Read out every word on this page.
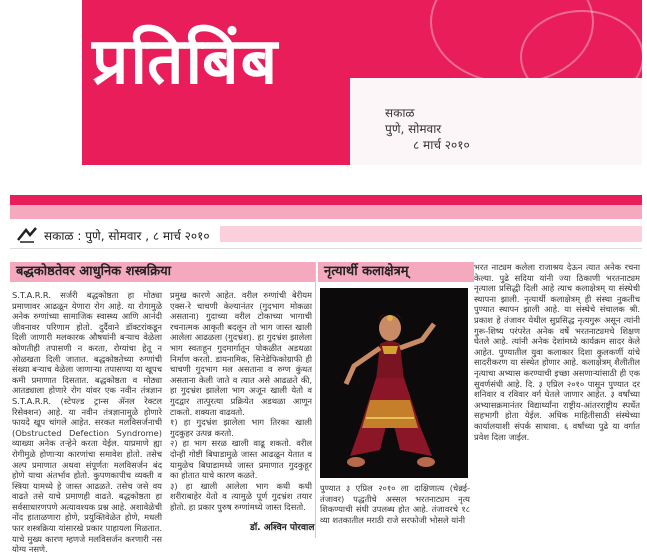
प्रतिबिंब
सकाळ
पुणे, सोमवार
८ मार्च २०१०
सकाळ : पुणे, सोमवार , ८ मार्च २०१०
बद्धकोष्ठतेवर आधुनिक शस्त्रक्रिया

S.T.A.R.R. सर्जरी बद्धकोष्ठता हा मोठ्या प्रमाणावर आढळून येणारा रोग आहे. या रोगामुळे अनेक रुग्णांच्या सामाजिक स्वास्थ्य आणि आनंदी जीवनावर परिणाम होतो. दुर्दैवाने डॉक्टरांकडून दिली जाणारी मलकारक औषधांनी बऱ्याच वेळेला कोणतीही तपासणी न करता, रोग्यांचा हेतू न ओळखता दिली जातात. बद्धकोष्ठतेच्या रुग्णांची संख्या बऱ्याच वेळेला जाणाऱ्या तपासण्या या खूपच कमी प्रमाणात दिसतात. बद्धकोष्ठता व मोठ्या आतड्याला होणारे रोग यांवर एक नवीन तंत्रज्ञान S.T.A.R.R. (स्टेपल्ड ट्रान्स ॲनल रेक्टल रिसेक्शन) आहे. या नवीन तंत्रज्ञानामुळे होणारे फायदे खूप चांगले आहेत. सरकत मलविसर्जनाची (Obstructed Defection Syndrome) व्याख्या अनेक तऱ्हेने करता येईल. याप्रमाणे ह्या रोगीमुळे होणाऱ्या कारणांचा समावेश होतो. तसेच अल्प प्रमाणात अथवा संपूर्णतः मलविसर्जन बंद होणे याचा अंतर्भाव होतो. कुपणकापीच व्यक्ती व स्त्रिया यामध्ये हे जास्त आढळते. तसेच जसे वय वाढते तसे याचे प्रमाणही वाढते. बद्धकोष्ठता हा सर्वसाधारणपणे अत्यावश्यक प्रश्न आहे. अशावेळेची नोंद हाताळणारा होणे, प्रयुक्तिवेळेत होणे, मधली फार शस्त्रक्रिया यांसारखे प्रकार पाहायला मिळतात. याचे मुख्य कारण म्हणजे मलविसर्जन करणारी नस योग्य नसणे.

प्रमुख कारणे आहेत. वरील रुग्णांची बेरीयम एक्स-रे चाचणी केल्यानंतर (गुदभाग मोकळा असताना) गुदाच्या वरील टोकाच्या भागाची रचनात्मक आकृती बदलून तो भाग जास्त खाली आलेला आढळला (गुदभ्रंश). हा गुदभ्रंश झालेला भाग स्वतःहून गुदमार्गातून पोकळीत अडथळा निर्माण करतो. डायनामिक, सिनेडेफिकोग्राफी ही चाचणी गुदभाग मल असताना व रुग्ण कुंथत असताना केली जाते व त्यात असे आढळते की, हा गुदभ्रंश झालेला भाग अजून खाली येतो व गुदद्वार तात्पुरत्या प्रक्रियेत अडथळा आणून टाकतो. शक्यता वाढवतो.
१) हा गुदभ्रंश झालेला भाग तिरका खाली गुदकुहर उत्पन्न करतो.
२) हा भाग सरळ खाली वाढू शकतो. वरील दोन्ही गोष्टी बिघाडामुळे जास्त आढळून येतात व यामुळेच बिघाडामध्ये जास्त प्रमाणात गुदकुहूर का होतात याचे कारण कळते.
३) हा खाली आलेला भाग कधी कधी शरीराबाहेर येतो व त्यामुळे पूर्ण गुदभ्रंश तयार होतो. हा प्रकार पुरुष रुग्णांमध्ये जास्त दिसतो.

डॉ. अश्विन पोरवाल
नृत्यार्थी कलाक्षेत्रम्
पुण्यात ३ एप्रिल २०१० ला दाक्षिणात्य (चेन्नई-तंजावर) पद्धतीचे अस्सल भरतनाट्यम नृत्य शिकण्याची संधी उपलब्ध होत आहे. तंजावरचे १८ व्या शतकातील मराठी राजे सरफोजी भोसले यांनी

भरत नाट्यम कलेला राजाश्रय देऊन त्यात अनेक रचना केल्या. पुढे सदिया यांनी ज्या ठिकाणी भरतनाट्यम नृत्याला प्रसिद्धी दिली आहे त्याच कलाक्षेत्रम् या संस्थेची स्थापना झाली. नृत्यार्थी कलाक्षेत्रम् ही संस्था नुकतीच पुण्यात स्थापन झाली आहे. या संस्थेचे संचालक श्री. प्रकाश हे तंजावर येथील सुप्रसिद्ध नृत्यगुरू असून त्यांनी गुरू-शिष्य परंपरेत अनेक वर्षे भरतनाट्यमचे शिक्षण घेतले आहे. त्यांनी अनेक देशांमध्ये कार्यक्रम सादर केले आहेत. पुण्यातील युवा कलाकार दिशा कुलकर्णी यांचे सादरीकरण या संस्थेत होणार आहे. कलाक्षेत्रम् शैलीतील नृत्याचा अभ्यास करण्याची इच्छा असणाऱ्यांसाठी ही एक सुवर्णसंधी आहे. दि. ३ एप्रिल २०१० पासून पुण्यात दर शनिवार व रविवार वर्ग घेतले जाणार आहेत. ३ वर्षांच्या अभ्यासक्रमानंतर विद्यार्थ्यांना राष्ट्रीय-आंतरराष्ट्रीय स्पर्धेत सहभागी होता येईल. अधिक माहितीसाठी संस्थेच्या कार्यालयाशी संपर्क साधावा. ६ वर्षांच्या पुढे या वर्गात प्रवेश दिला जाईल.
